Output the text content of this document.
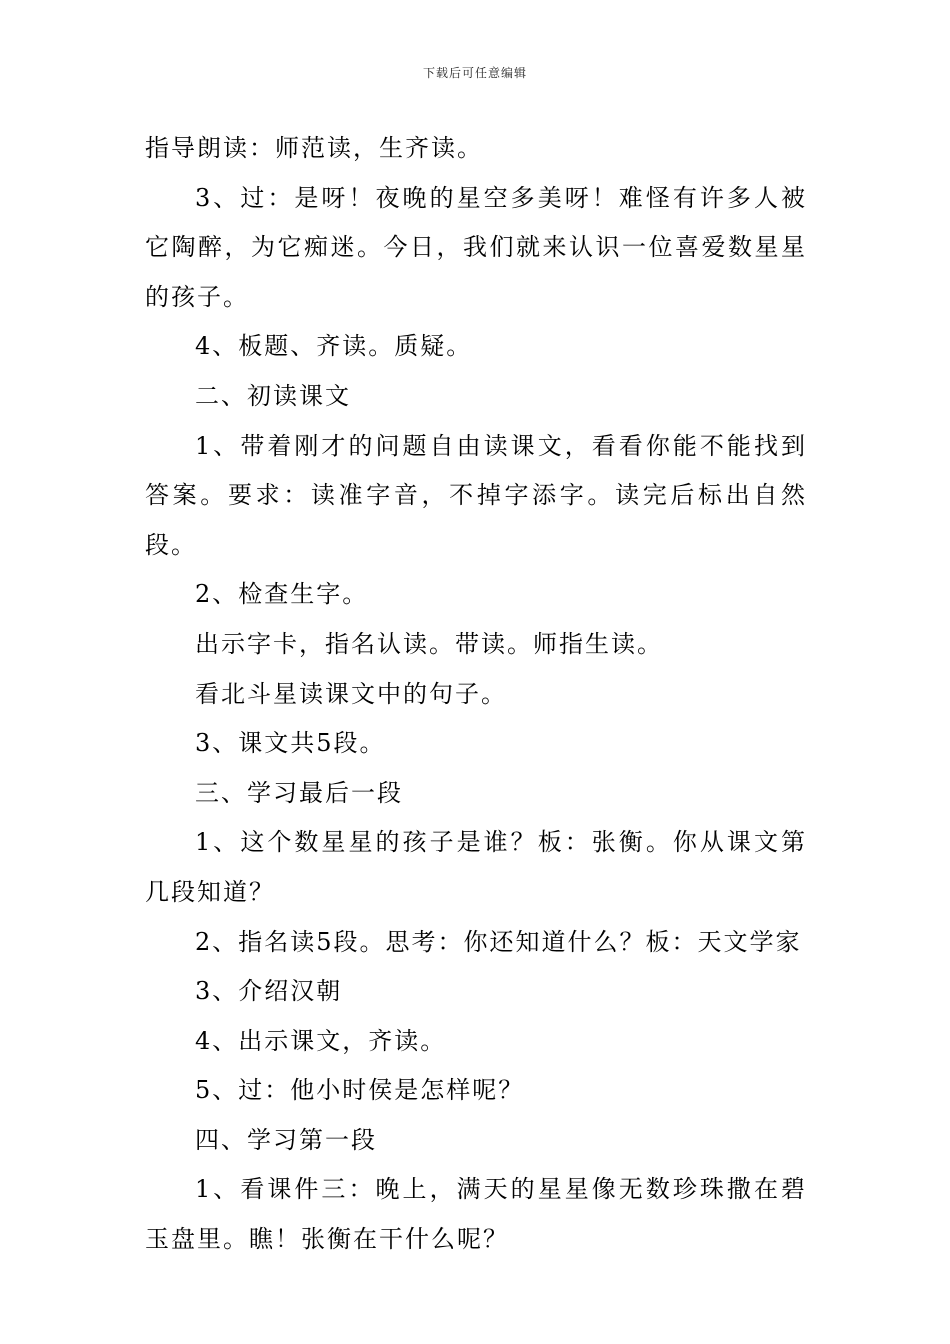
下载后可任意编辑

指导朗读：师范读，生齐读。

3、过：是呀！夜晚的星空多美呀！难怪有许多人被它陶醉，为它痴迷。今日，我们就来认识一位喜爱数星星的孩子。

4、板题、齐读。质疑。

二、初读课文

1、带着刚才的问题自由读课文，看看你能不能找到答案。要求：读准字音，不掉字添字。读完后标出自然段。

2、检查生字。

出示字卡，指名认读。带读。师指生读。

看北斗星读课文中的句子。

3、课文共5段。

三、学习最后一段

1、这个数星星的孩子是谁？板：张衡。你从课文第几段知道？

2、指名读5段。思考：你还知道什么？板：天文学家

3、介绍汉朝

4、出示课文，齐读。

5、过：他小时侯是怎样呢？

四、学习第一段

1、看课件三：晚上，满天的星星像无数珍珠撒在碧玉盘里。瞧！张衡在干什么呢？
